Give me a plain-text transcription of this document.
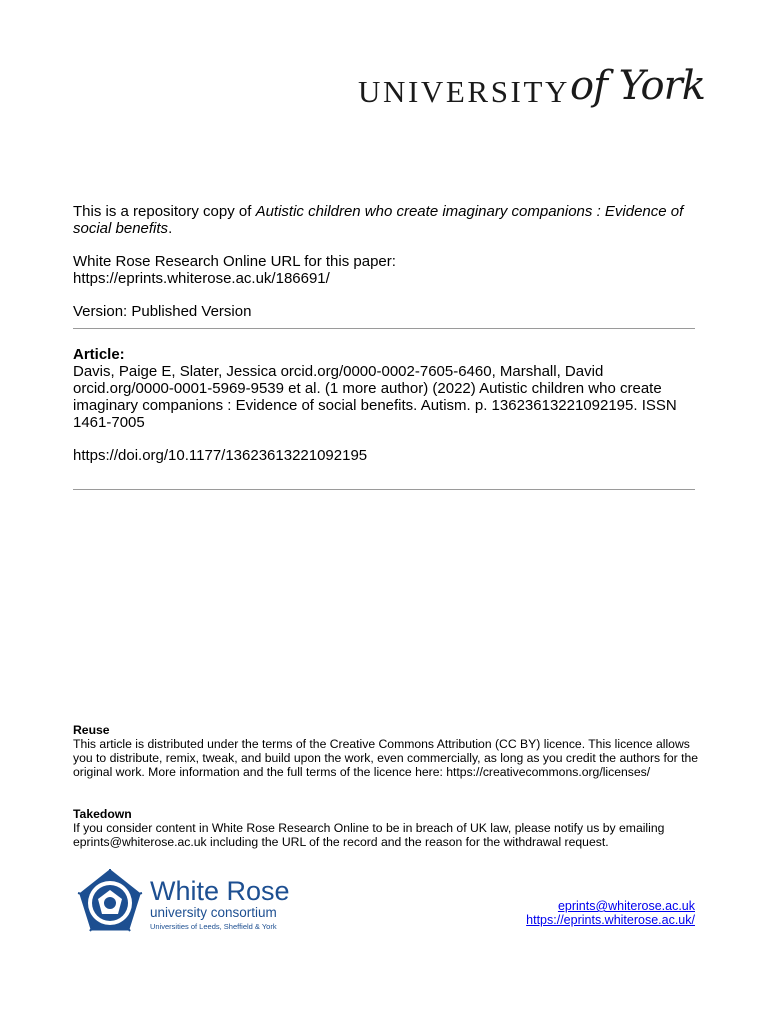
UNIVERSITY of York
This is a repository copy of Autistic children who create imaginary companions : Evidence of social benefits.
White Rose Research Online URL for this paper:
https://eprints.whiterose.ac.uk/186691/
Version: Published Version
Article:
Davis, Paige E, Slater, Jessica orcid.org/0000-0002-7605-6460, Marshall, David orcid.org/0000-0001-5969-9539 et al. (1 more author) (2022) Autistic children who create imaginary companions : Evidence of social benefits. Autism. p. 13623613221092195. ISSN 1461-7005
https://doi.org/10.1177/13623613221092195
Reuse
This article is distributed under the terms of the Creative Commons Attribution (CC BY) licence. This licence allows you to distribute, remix, tweak, and build upon the work, even commercially, as long as you credit the authors for the original work. More information and the full terms of the licence here: https://creativecommons.org/licenses/
Takedown
If you consider content in White Rose Research Online to be in breach of UK law, please notify us by emailing eprints@whiterose.ac.uk including the URL of the record and the reason for the withdrawal request.
White Rose
university consortium
Universities of Leeds, Sheffield & York
eprints@whiterose.ac.uk
https://eprints.whiterose.ac.uk/
